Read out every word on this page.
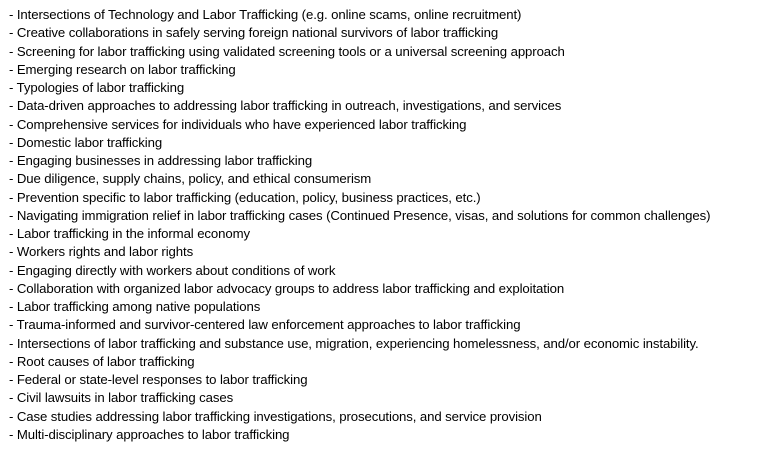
- Intersections of Technology and Labor Trafficking (e.g. online scams, online recruitment)
- Creative collaborations in safely serving foreign national survivors of labor trafficking
- Screening for labor trafficking using validated screening tools or a universal screening approach
- Emerging research on labor trafficking
- Typologies of labor trafficking
- Data-driven approaches to addressing labor trafficking in outreach, investigations, and services
- Comprehensive services for individuals who have experienced labor trafficking
- Domestic labor trafficking
- Engaging businesses in addressing labor trafficking
- Due diligence, supply chains, policy, and ethical consumerism
- Prevention specific to labor trafficking (education, policy, business practices, etc.)
- Navigating immigration relief in labor trafficking cases (Continued Presence, visas, and solutions for common challenges)
- Labor trafficking in the informal economy
- Workers rights and labor rights
- Engaging directly with workers about conditions of work
- Collaboration with organized labor advocacy groups to address labor trafficking and exploitation
- Labor trafficking among native populations
- Trauma-informed and survivor-centered law enforcement approaches to labor trafficking
- Intersections of labor trafficking and substance use, migration, experiencing homelessness, and/or economic instability.
- Root causes of labor trafficking
- Federal or state-level responses to labor trafficking
- Civil lawsuits in labor trafficking cases
- Case studies addressing labor trafficking investigations, prosecutions, and service provision
- Multi-disciplinary approaches to labor trafficking
